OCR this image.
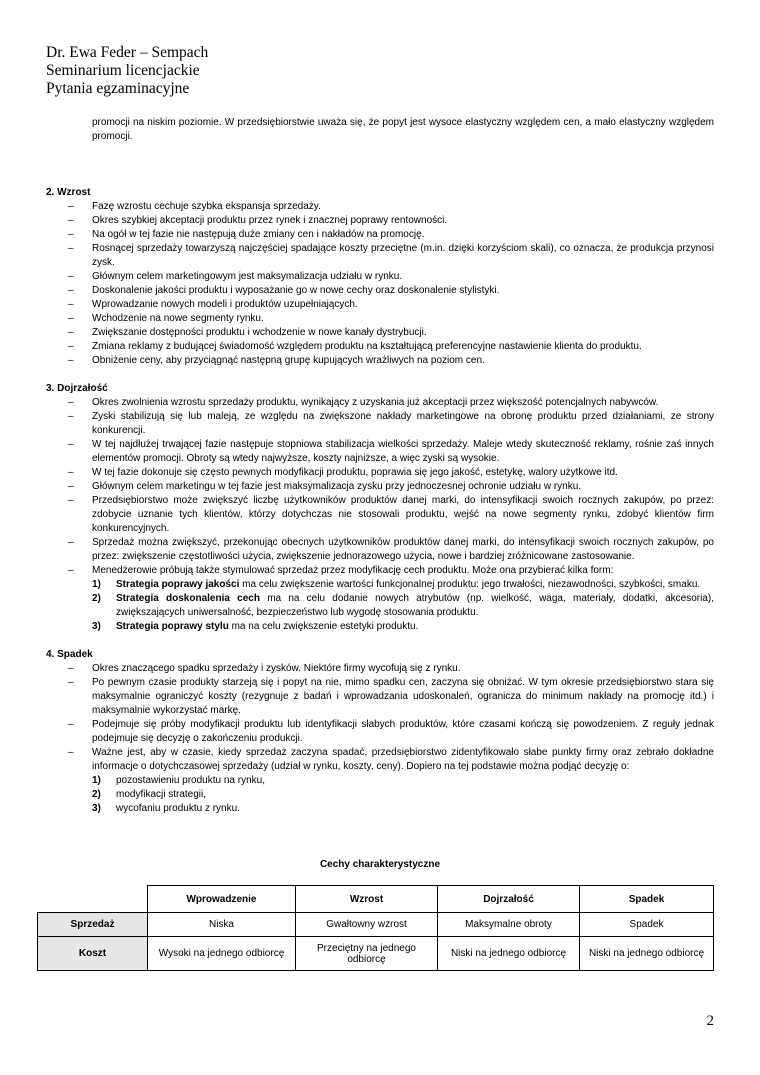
Dr. Ewa Feder – Sempach
Seminarium licencjackie
Pytania egzaminacyjne

promocji na niskim poziomie. W przedsiębiorstwie uważa się, że popyt jest wysoce elastyczny względem cen, a mało elastyczny względem promocji.

2. Wzrost

– Fazę wzrostu cechuje szybka ekspansja sprzedaży.
– Okres szybkiej akceptacji produktu przez rynek i znacznej poprawy rentowności.
– Na ogół w tej fazie nie następują duże zmiany cen i nakładów na promocję.
– Rosnącej sprzedaży towarzyszą najczęściej spadające koszty przeciętne (m.in. dzięki korzyściom skali), co oznacza, że produkcja przynosi zysk.
– Głównym celem marketingowym jest maksymalizacja udziału w rynku.
– Doskonalenie jakości produktu i wyposażanie go w nowe cechy oraz doskonalenie stylistyki.
– Wprowadzanie nowych modeli i produktów uzupełniających.
– Wchodzenie na nowe segmenty rynku.
– Zwiększanie dostępności produktu i wchodzenie w nowe kanały dystrybucji.
– Zmiana reklamy z budującej świadomość względem produktu na kształtującą preferencyjne nastawienie klienta do produktu.
– Obniżenie ceny, aby przyciągnąć następną grupę kupujących wrażliwych na poziom cen.

3. Dojrzałość

– Okres zwolnienia wzrostu sprzedaży produktu, wynikający z uzyskania już akceptacji przez większość potencjalnych nabywców.
– Zyski stabilizują się lub maleją, ze względu na zwiększone nakłady marketingowe na obronę produktu przed działaniami, ze strony konkurencji.
– W tej najdłużej trwającej fazie następuje stopniowa stabilizacja wielkości sprzedaży. Maleje wtedy skuteczność reklamy, rośnie zaś innych elementów promocji. Obroty są wtedy najwyższe, koszty najniższe, a więc zyski są wysokie.
– W tej fazie dokonuje się często pewnych modyfikacji produktu, poprawia się jego jakość, estetykę, walory użytkowe itd.
– Głównym celem marketingu w tej fazie jest maksymalizacja zysku przy jednoczesnej ochronie udziału w rynku.
– Przedsiębiorstwo może zwiększyć liczbę użytkowników produktów danej marki, do intensyfikacji swoich rocznych zakupów, po przez: zdobycie uznanie tych klientów, którzy dotychczas nie stosowali produktu, wejść na nowe segmenty rynku, zdobyć klientów firm konkurencyjnych.
– Sprzedaż można zwiększyć, przekonując obecnych użytkowników produktów danej marki, do intensyfikacji swoich rocznych zakupów, po przez: zwiększenie częstotliwości użycia, zwiększenie jednorazowego użycia, nowe i bardziej zróżnicowane zastosowanie.
– Menedżerowie próbują także stymulować sprzedaż przez modyfikację cech produktu. Może ona przybierać kilka form:
1)	Strategia poprawy jakości ma celu zwiększenie wartości funkcjonalnej produktu: jego trwałości, niezawodności, szybkości, smaku.
2)	Strategia doskonalenia cech ma na celu dodanie nowych atrybutów (np. wielkość, waga, materiały, dodatki, akcesoria), zwiększających uniwersalność, bezpieczeństwo lub wygodę stosowania produktu.
3)	Strategia poprawy stylu ma na celu zwiększenie estetyki produktu.

4. Spadek

– Okres znaczącego spadku sprzedaży i zysków. Niektóre firmy wycofują się z rynku.
– Po pewnym czasie produkty starzeją się i popyt na nie, mimo spadku cen, zaczyna się obniżać. W tym okresie przedsiębiorstwo stara się maksymalnie ograniczyć koszty (rezygnuje z badań i wprowadzania udoskonaleń, ogranicza do minimum nakłady na promocję itd.) i maksymalnie wykorzystać markę.
– Podejmuje się próby modyfikacji produktu lub identyfikacji słabych produktów, które czasami kończą się powodzeniem. Z reguły jednak podejmuje się decyzję o zakończeniu produkcji.
– Ważne jest, aby w czasie, kiedy sprzedaż zaczyna spadać, przedsiębiorstwo zidentyfikowało słabe punkty firmy oraz zebrało dokładne informacje o dotychczasowej sprzedaży (udział w rynku, koszty, ceny). Dopiero na tej podstawie można podjąć decyzję o:
1)	pozostawieniu produktu na rynku,
2)	modyfikacji strategii,
3)	wycofaniu produktu z rynku.
Cechy charakterystyczne
	Wprowadzenie	Wzrost	Dojrzałość	Spadek
Sprzedaż	Niska	Gwałtowny wzrost	Maksymalne obroty	Spadek
Koszt	Wysoki na jednego odbiorcę	Przeciętny na jednego odbiorcę	Niski na jednego odbiorcę	Niski na jednego odbiorcę
2
